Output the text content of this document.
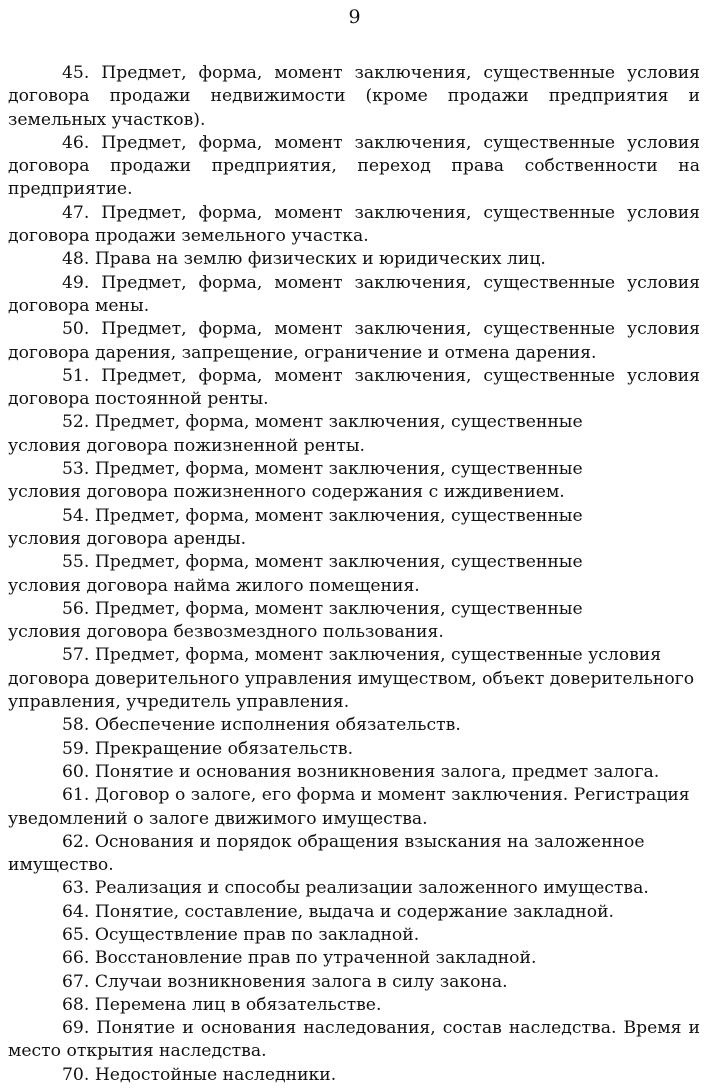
9

45. Предмет, форма, момент заключения, существенные условия договора продажи недвижимости (кроме продажи предприятия и земельных участков).

46. Предмет, форма, момент заключения, существенные условия договора продажи предприятия, переход права собственности на предприятие.

47. Предмет, форма, момент заключения, существенные условия договора продажи земельного участка.

48. Права на землю физических и юридических лиц.

49. Предмет, форма, момент заключения, существенные условия договора мены.

50. Предмет, форма, момент заключения, существенные условия договора дарения, запрещение, ограничение и отмена дарения.

51. Предмет, форма, момент заключения, существенные условия договора постоянной ренты.

52. Предмет, форма, момент заключения, существенные условия договора пожизненной ренты.

53. Предмет, форма, момент заключения, существенные условия договора пожизненного содержания с иждивением.

54. Предмет, форма, момент заключения, существенные условия договора аренды.

55. Предмет, форма, момент заключения, существенные условия договора найма жилого помещения.

56. Предмет, форма, момент заключения, существенные условия договора безвозмездного пользования.

57. Предмет, форма, момент заключения, существенные условия договора доверительного управления имуществом, объект доверительного управления, учредитель управления.

58. Обеспечение исполнения обязательств.

59. Прекращение обязательств.

60. Понятие и основания возникновения залога, предмет залога.

61. Договор о залоге, его форма и момент заключения. Регистрация уведомлений о залоге движимого имущества.

62. Основания и порядок обращения взыскания на заложенное имущество.

63. Реализация и способы реализации заложенного имущества.

64. Понятие, составление, выдача и содержание закладной.

65. Осуществление прав по закладной.

66. Восстановление прав по утраченной закладной.

67. Случаи возникновения залога в силу закона.

68. Перемена лиц в обязательстве.

69. Понятие и основания наследования, состав наследства. Время и место открытия наследства.

70. Недостойные наследники.
